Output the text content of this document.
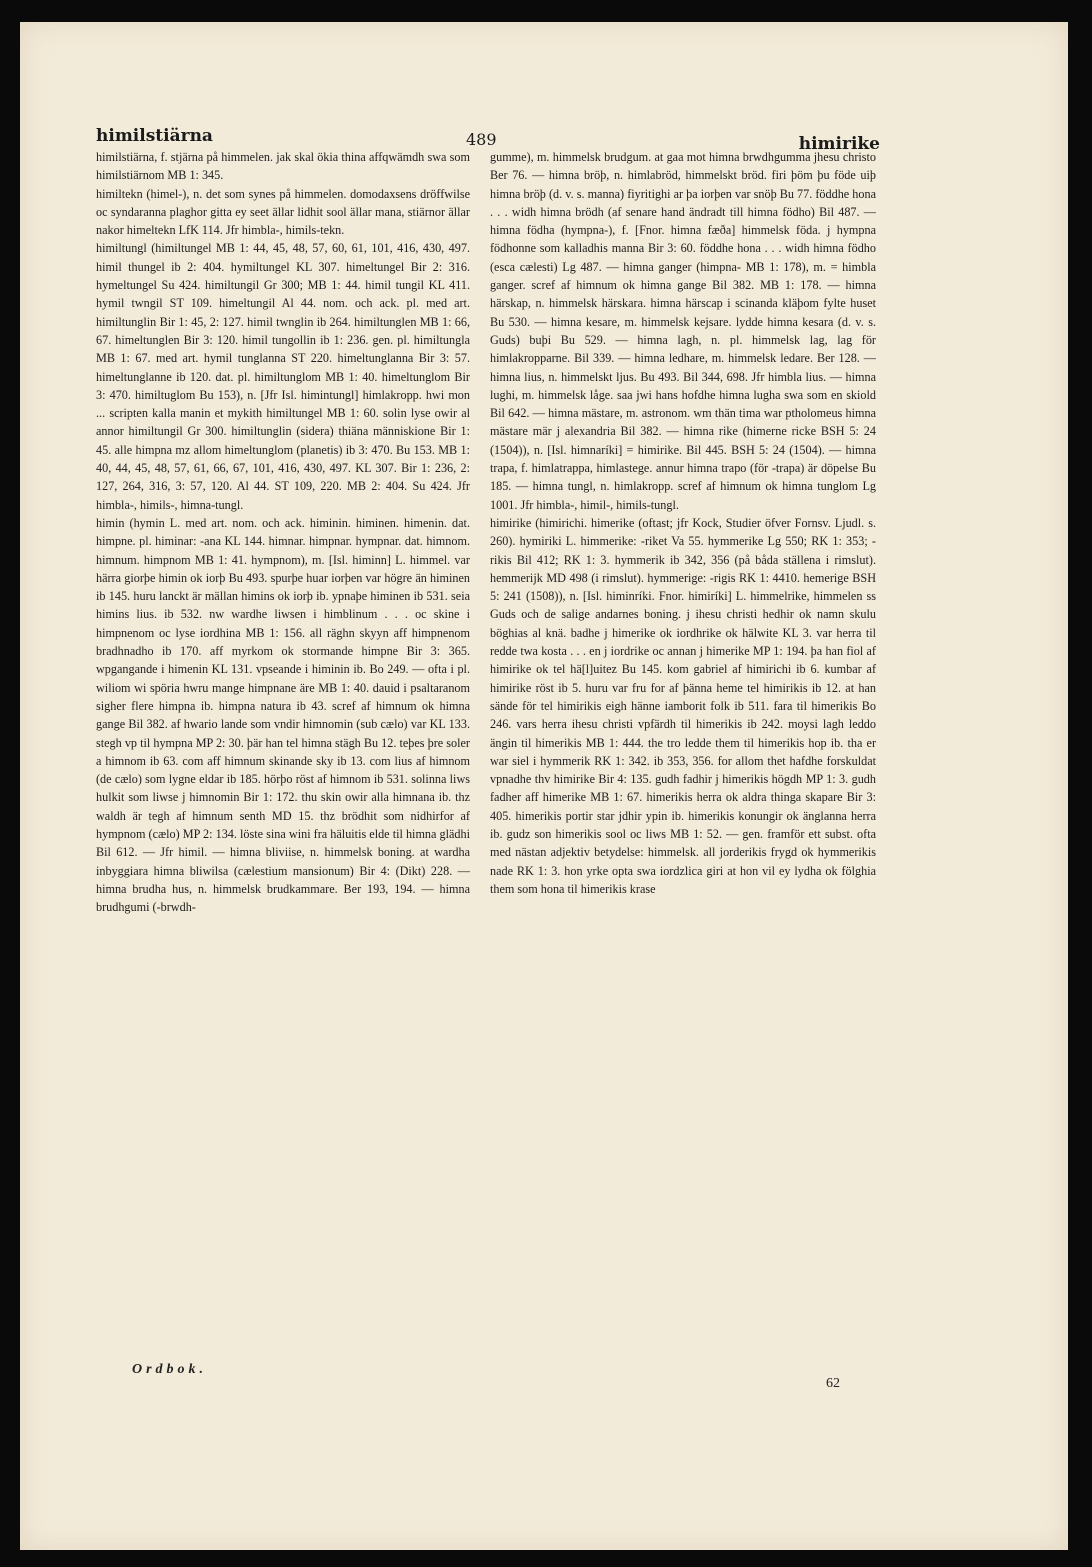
himilstiärna	489	himirike

himilstiärna, f. stjärna på himmelen. jak skal ökia thina affqwämdh swa som himilstiärnom MB 1: 345.

himiltekn (himel-), n. det som synes på himmelen. domodaxsens dröffwilse oc syndaranna plaghor gitta ey seet ällar lidhit sool ällar mana, stiärnor ällar nakor himeltekn LfK 114. Jfr himbla-, himils-tekn.

himiltungl (himiltungel MB 1: 44, 45, 48, 57, 60, 61, 101, 416, 430, 497. himil thungel ib 2: 404. hymiltungel KL 307. himeltungel Bir 2: 316. hymeltungel Su 424. himiltungil Gr 300; MB 1: 44. himil tungil KL 411. hymil twngil ST 109. himeltungil Al 44. nom. och ack. pl. med art. himiltunglin Bir 1: 45, 2: 127. himil twnglin ib 264. himiltunglen MB 1: 66, 67. himeltunglen Bir 3: 120. himil tungollin ib 1: 236. gen. pl. himiltungla MB 1: 67. med art. hymil tunglanna ST 220. himeltunglanna Bir 3: 57. himeltunglanne ib 120. dat. pl. himiltunglom MB 1: 40. himeltunglom Bir 3: 470. himiltuglom Bu 153), n. [Jfr Isl. himintungl] himlakropp. hwi mon ... scripten kalla manin et mykith himiltungel MB 1: 60. solin lyse owir al annor himiltungil Gr 300. himiltunglin (sidera) thiäna människione Bir 1: 45. alle himpna mz allom himeltunglom (planetis) ib 3: 470. Bu 153. MB 1: 40, 44, 45, 48, 57, 61, 66, 67, 101, 416, 430, 497. KL 307. Bir 1: 236, 2: 127, 264, 316, 3: 57, 120. Al 44. ST 109, 220. MB 2: 404. Su 424. Jfr himbla-, himils-, himna-tungl.

himin (hymin L. med art. nom. och ack. himinin. himinen. himenin. dat. himpne. pl. himinar: -ana KL 144. himnar. himpnar. hympnar. dat. himnom. himnum. himpnom MB 1: 41. hympnom), m. [Isl. himinn] L. himmel. var härra giorþe himin ok iorþ Bu 493. spurþe huar iorþen var högre än himinen ib 145. huru lanckt är mällan himins ok iorþ ib. ypnaþe himinen ib 531. seia himins lius. ib 532. nw wardhe liwsen i himblinum . . . oc skine i himpnenom oc lyse iordhina MB 1: 156. all räghn skyyn aff himpnenom bradhnadho ib 170. aff myrkom ok stormande himpne Bir 3: 365. wpgangande i himenin KL 131. vpseande i himinin ib. Bo 249. — ofta i pl. wiliom wi spöria hwru mange himpnane äre MB 1: 40. dauid i psaltaranom sigher flere himpna ib. himpna natura ib 43. scref af himnum ok himna gange Bil 382. af hwario lande som vndir himnomin (sub cælo) var KL 133. stegh vp til hympna MP 2: 30. þär han tel himna stägh Bu 12. teþes þre soler a himnom ib 63. com aff himnum skinande sky ib 13. com lius af himnom (de cælo) som lygne eldar ib 185. hörþo röst af himnom ib 531. solinna liws hulkit som liwse j himnomin Bir 1: 172. thu skin owir alla himnana ib. thz waldh är tegh af himnum senth MD 15. thz brödhit som nidhirfor af hympnom (cælo) MP 2: 134. löste sina wini fra häluitis elde til himna glädhi Bil 612. — Jfr himil. — himna bliviise, n. himmelsk boning. at wardha inbyggiara himna bliwilsa (cælestium mansionum) Bir 4: (Dikt) 228. — himna brudha hus, n. himmelsk brudkammare. Ber 193, 194. — himna brudhgumi (-brwdh-

gumme), m. himmelsk brudgum. at gaa mot himna brwdhgumma jhesu christo Ber 76. — himna bröþ, n. himlabröd, himmelskt bröd. firi þöm þu föde uiþ himna bröþ (d. v. s. manna) fiyritighi ar þa iorþen var snöþ Bu 77. föddhe hona . . . widh himna brödh (af senare hand ändradt till himna födho) Bil 487. — himna födha (hympna-), f. [Fnor. himna fæða] himmelsk föda. j hympna födhonne som kalladhis manna Bir 3: 60. föddhe hona . . . widh himna födho (esca cælesti) Lg 487. — himna ganger (himpna- MB 1: 178), m. = himbla ganger. scref af himnum ok himna gange Bil 382. MB 1: 178. — himna härskap, n. himmelsk härskara. himna härscap i scinanda kläþom fylte huset Bu 530. — himna kesare, m. himmelsk kejsare. lydde himna kesara (d. v. s. Guds) buþi Bu 529. — himna lagh, n. pl. himmelsk lag, lag för himlakropparne. Bil 339. — himna ledhare, m. himmelsk ledare. Ber 128. — himna lius, n. himmelskt ljus. Bu 493. Bil 344, 698. Jfr himbla lius. — himna lughi, m. himmelsk låge. saa jwi hans hofdhe himna lugha swa som en skiold Bil 642. — himna mästare, m. astronom. wm thän tima war ptholomeus himna mästare mär j alexandria Bil 382. — himna rike (himerne ricke BSH 5: 24 (1504)), n. [Isl. himnaríki] = himirike. Bil 445. BSH 5: 24 (1504). — himna trapa, f. himlatrappa, himlastege. annur himna trapo (för -trapa) är döpelse Bu 185. — himna tungl, n. himlakropp. scref af himnum ok himna tunglom Lg 1001. Jfr himbla-, himil-, himils-tungl.

himirike (himirichi. himerike (oftast; jfr Kock, Studier öfver Fornsv. Ljudl. s. 260). hymiriki L. himmerike: -riket Va 55. hymmerike Lg 550; RK 1: 353; -rikis Bil 412; RK 1: 3. hymmerik ib 342, 356 (på båda ställena i rimslut). hemmerijk MD 498 (i rimslut). hymmerige: -rigis RK 1: 4410. hemerige BSH 5: 241 (1508)), n. [Isl. himinríki. Fnor. himiríki] L. himmelrike, himmelen ss Guds och de salige andarnes boning. j ihesu christi hedhir ok namn skulu böghias al knä. badhe j himerike ok iordhrike ok hälwite KL 3. var herra til redde twa kosta . . . en j iordrike oc annan j himerike MP 1: 194. þa han fiol af himirike ok tel hä[l]uitez Bu 145. kom gabriel af himirichi ib 6. kumbar af himirike röst ib 5. huru var fru for af þänna heme tel himirikis ib 12. at han sände för tel himirikis eigh hänne iamborit folk ib 511. fara til himerikis Bo 246. vars herra ihesu christi vpfärdh til himerikis ib 242. moysi lagh leddo ängin til himerikis MB 1: 444. the tro ledde them til himerikis hop ib. tha er war siel i hymmerik RK 1: 342. ib 353, 356. for allom thet hafdhe forskuldat vpnadhe thv himirike Bir 4: 135. gudh fadhir j himerikis högdh MP 1: 3. gudh fadher aff himerike MB 1: 67. himerikis herra ok aldra thinga skapare Bir 3: 405. himerikis portir star jdhir ypin ib. himerikis konungir ok änglanna herra ib. gudz son himerikis sool oc liws MB 1: 52. — gen. framför ett subst. ofta med nästan adjektiv betydelse: himmelsk. all jorderikis frygd ok hymmerikis nade RK 1: 3. hon yrke opta swa iordzlica giri at hon vil ey lydha ok fölghia them som hona til himerikis krase

Ordbok.
62
